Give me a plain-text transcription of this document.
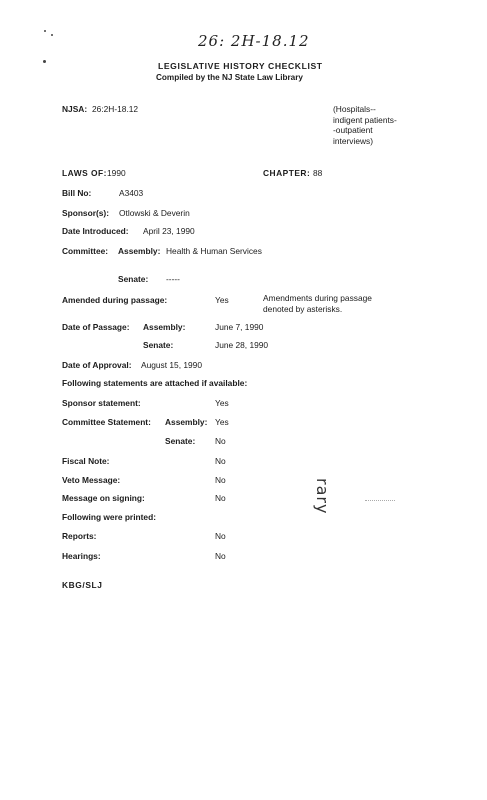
26: 2H-18.12
LEGISLATIVE HISTORY CHECKLIST
Compiled by the NJ State Law Library
NJSA: 26:2H-18.12	(Hospitals--
indigent patients-
-outpatient
interviews)
LAWS OF: 1990	CHAPTER: 88
Bill No:	A3403
Sponsor(s): Otlowski & Deverin
Date Introduced: April 23, 1990
Committee: Assembly: Health & Human Services
Senate: -----
Amended during passage:	Yes	Amendments during passage
denoted by asterisks.
Date of Passage: Assembly:	June 7, 1990
Senate:	June 28, 1990
Date of Approval: August 15, 1990
Following statements are attached if available:
Sponsor statement:	Yes
Committee Statement: Assembly: Yes
Senate: No
Fiscal Note:	No
Veto Message:	No
Message on signing:	No
Following were printed:
Reports:	No
Hearings:	No
KBG/SLJ
rary
